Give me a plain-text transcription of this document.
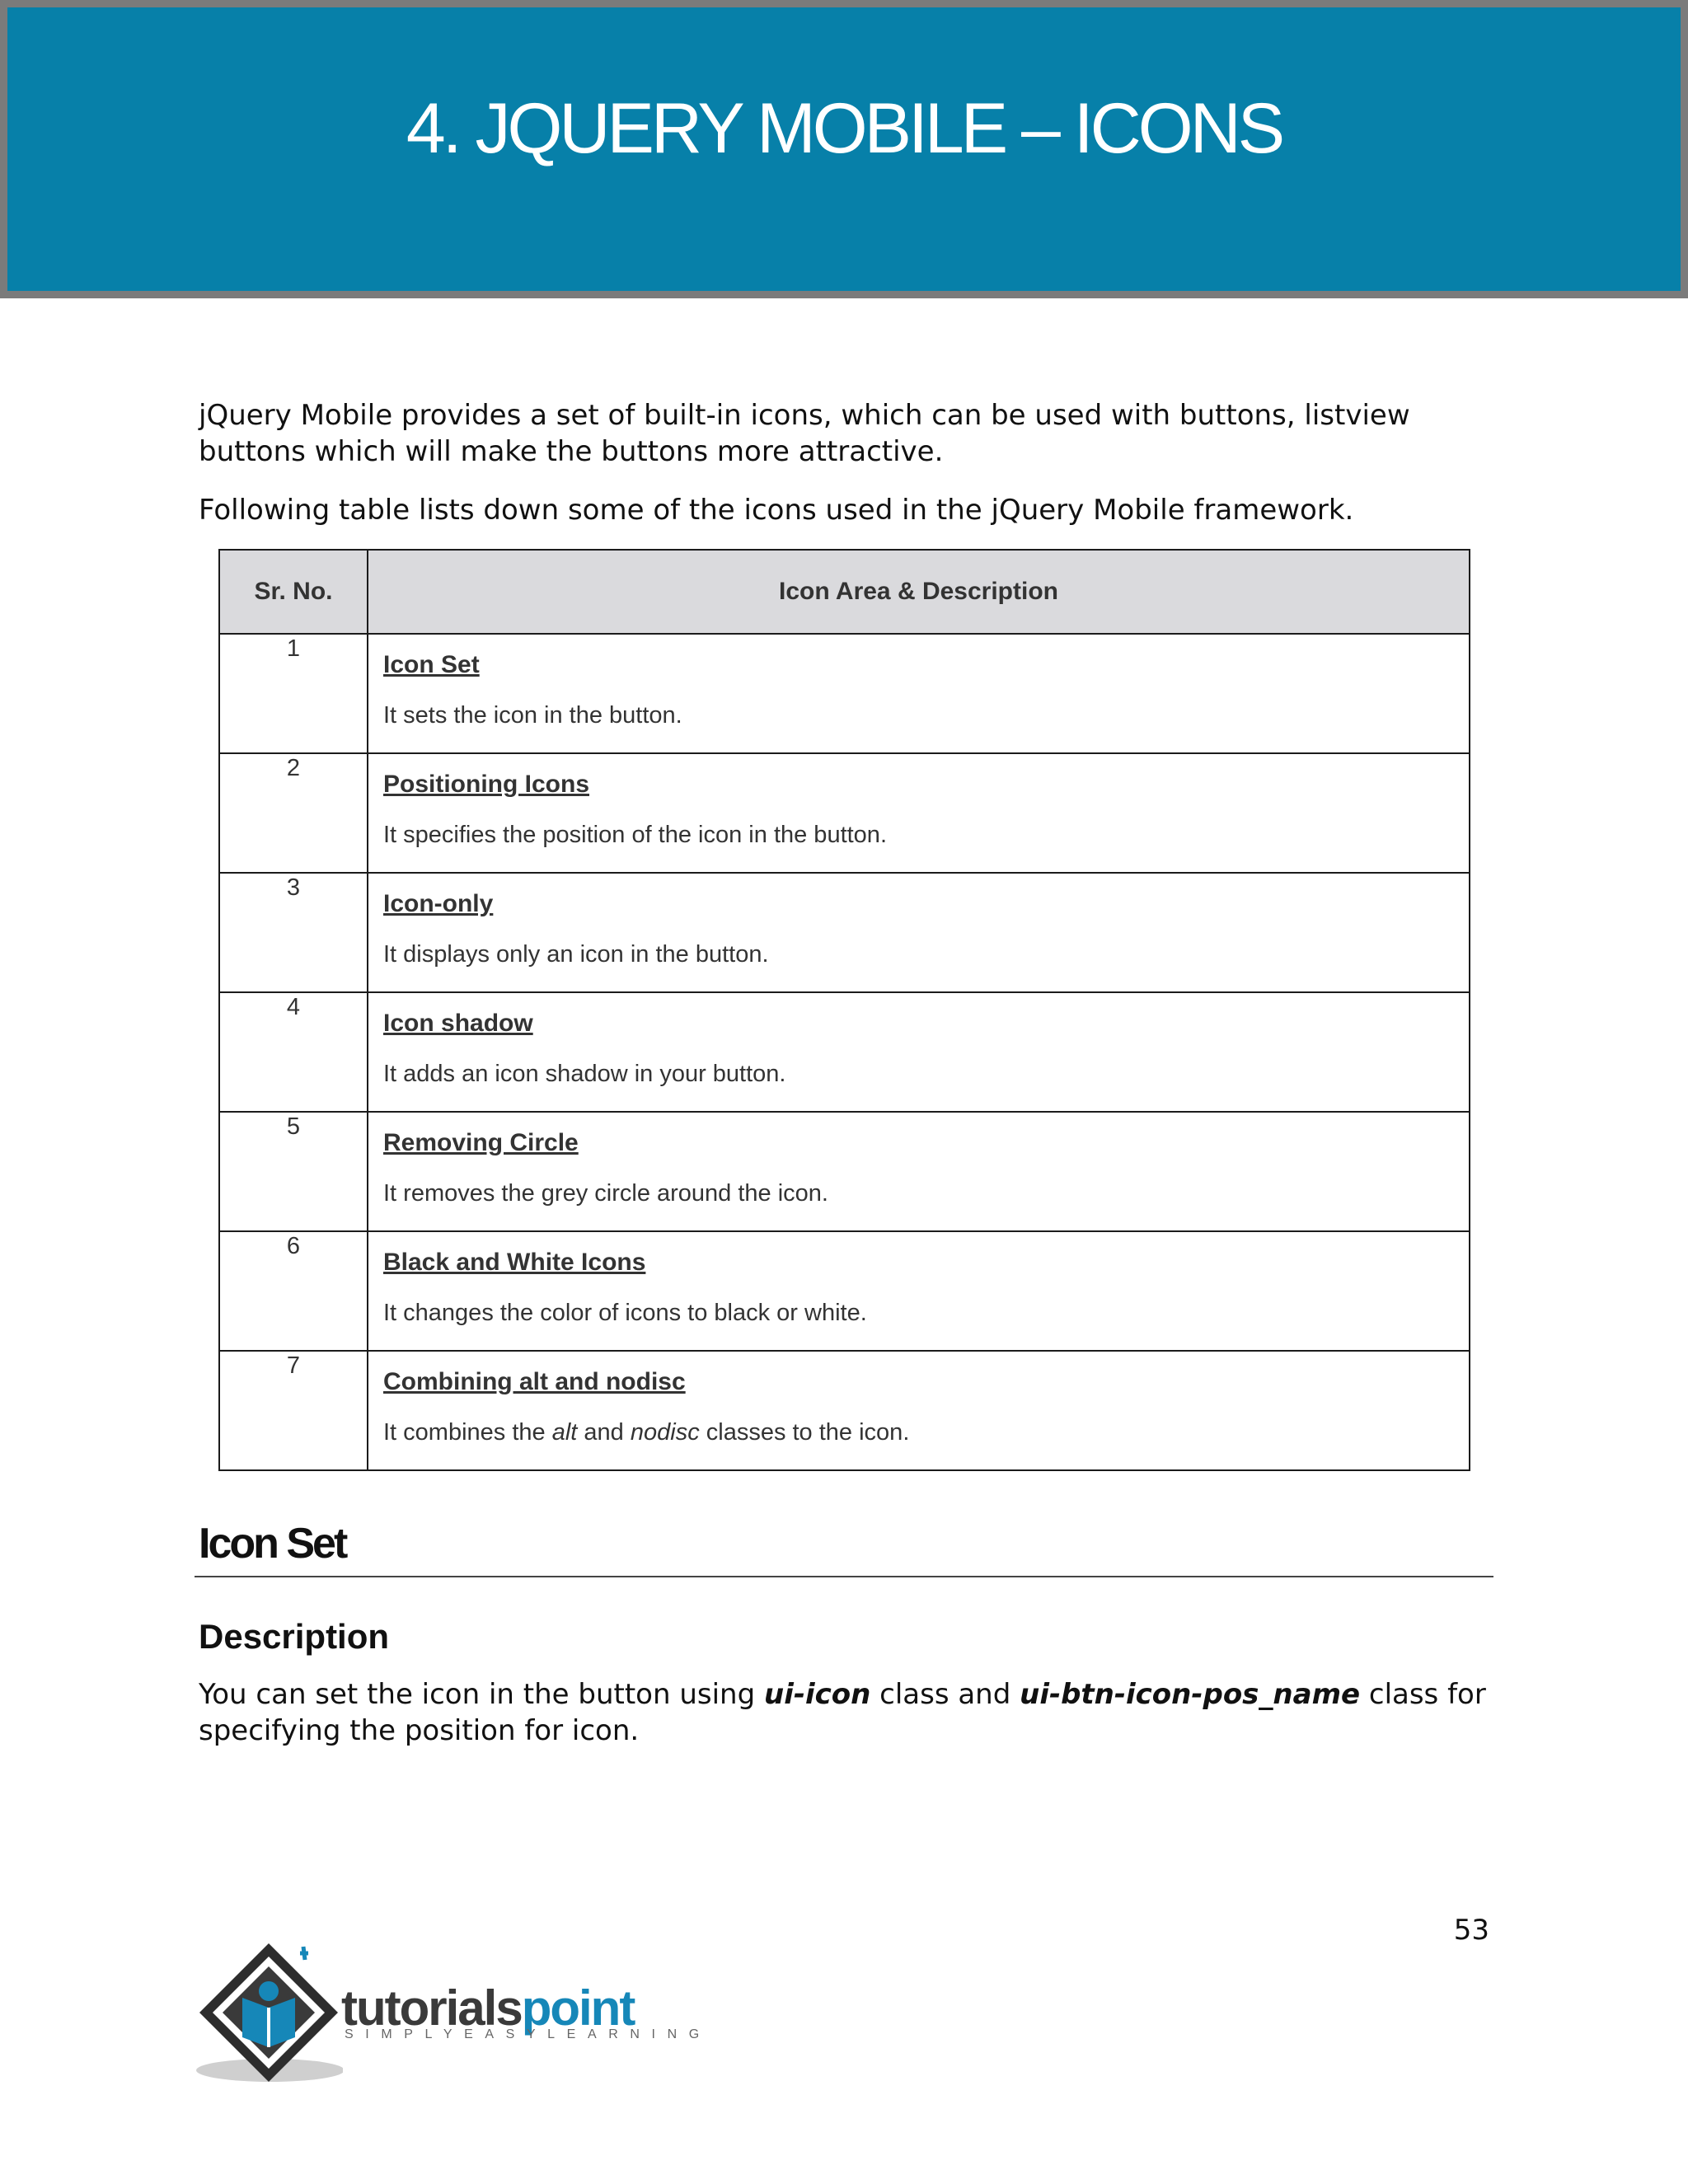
4. JQUERY MOBILE – ICONS
jQuery Mobile provides a set of built-in icons, which can be used with buttons, listview buttons which will make the buttons more attractive.
Following table lists down some of the icons used in the jQuery Mobile framework.
Sr. No.	Icon Area & Description
1	Icon Set
It sets the icon in the button.

2	Positioning Icons
It specifies the position of the icon in the button.

3	Icon-only
It displays only an icon in the button.

4	Icon shadow
It adds an icon shadow in your button.

5	Removing Circle
It removes the grey circle around the icon.

6	Black and White Icons
It changes the color of icons to black or white.

7	Combining alt and nodisc
It combines the alt and nodisc classes to the icon.
Icon Set
Description
You can set the icon in the button using ui-icon class and ui-btn-icon-pos_name class for specifying the position for icon.
53
tutorialspoint
SIMPLYEASYLEARNING
